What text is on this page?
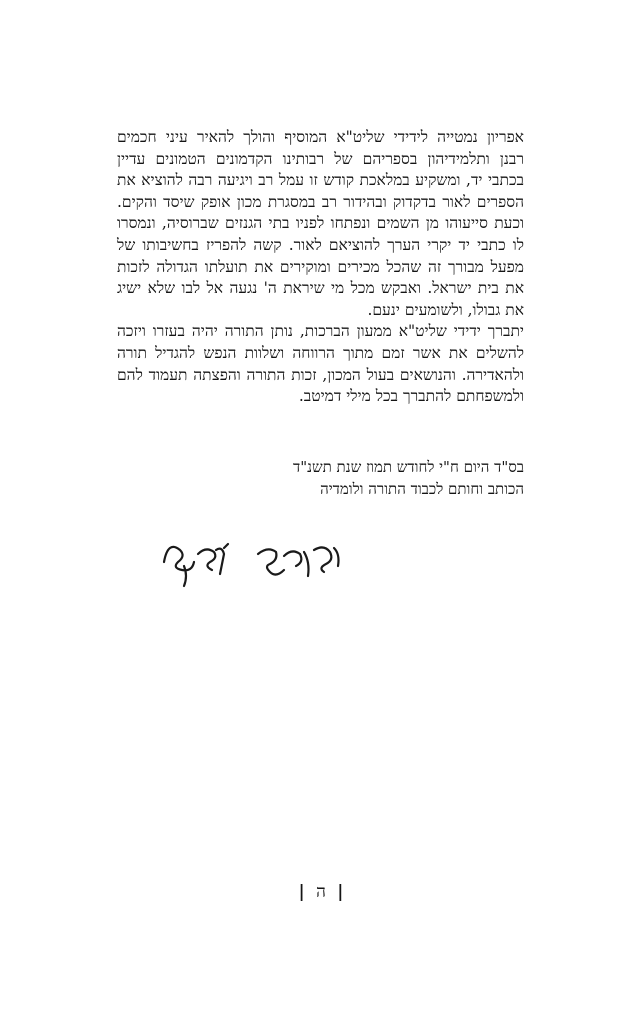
אפריון נמטייה לידידי שליט"א המוסיף והולך להאיר עיני חכמים
רבנן ותלמידיהון בספריהם של רבותינו הקדמונים הטמונים עדיין
בכתבי יד, ומשקיע במלאכת קודש זו עמל רב ויגיעה רבה להוציא את
הספרים לאור בדקדוק ובהידור רב במסגרת מכון אופק שיסד והקים.
וכעת סייעוהו מן השמים ונפתחו לפניו בתי הגנזים שברוסיה, ונמסרו
לו כתבי יד יקרי הערך להוציאם לאור. קשה להפריז בחשיבותו של
מפעל מבורך זה שהכל מכירים ומוקירים את תועלתו הגדולה לזכות
את בית ישראל. ואבקש מכל מי שיראת ה' נגעה אל לבו שלא ישיג
את גבולו, ולשומעים ינעם.
יתברך ידידי שליט"א ממעון הברכות, נותן התורה יהיה בעזרו ויזכה
להשלים את אשר זמם מתוך הרווחה ושלוות הנפש להגדיל תורה
ולהאדירה. והנושאים בעול המכון, זכות התורה והפצתה תעמוד להם
ולמשפחתם להתברך בכל מילי דמיטב.
בס"ד היום ח"י לחודש תמוז שנת תשנ"ד
הכותב וחותם לכבוד התורה ולומדיה
| ה |
